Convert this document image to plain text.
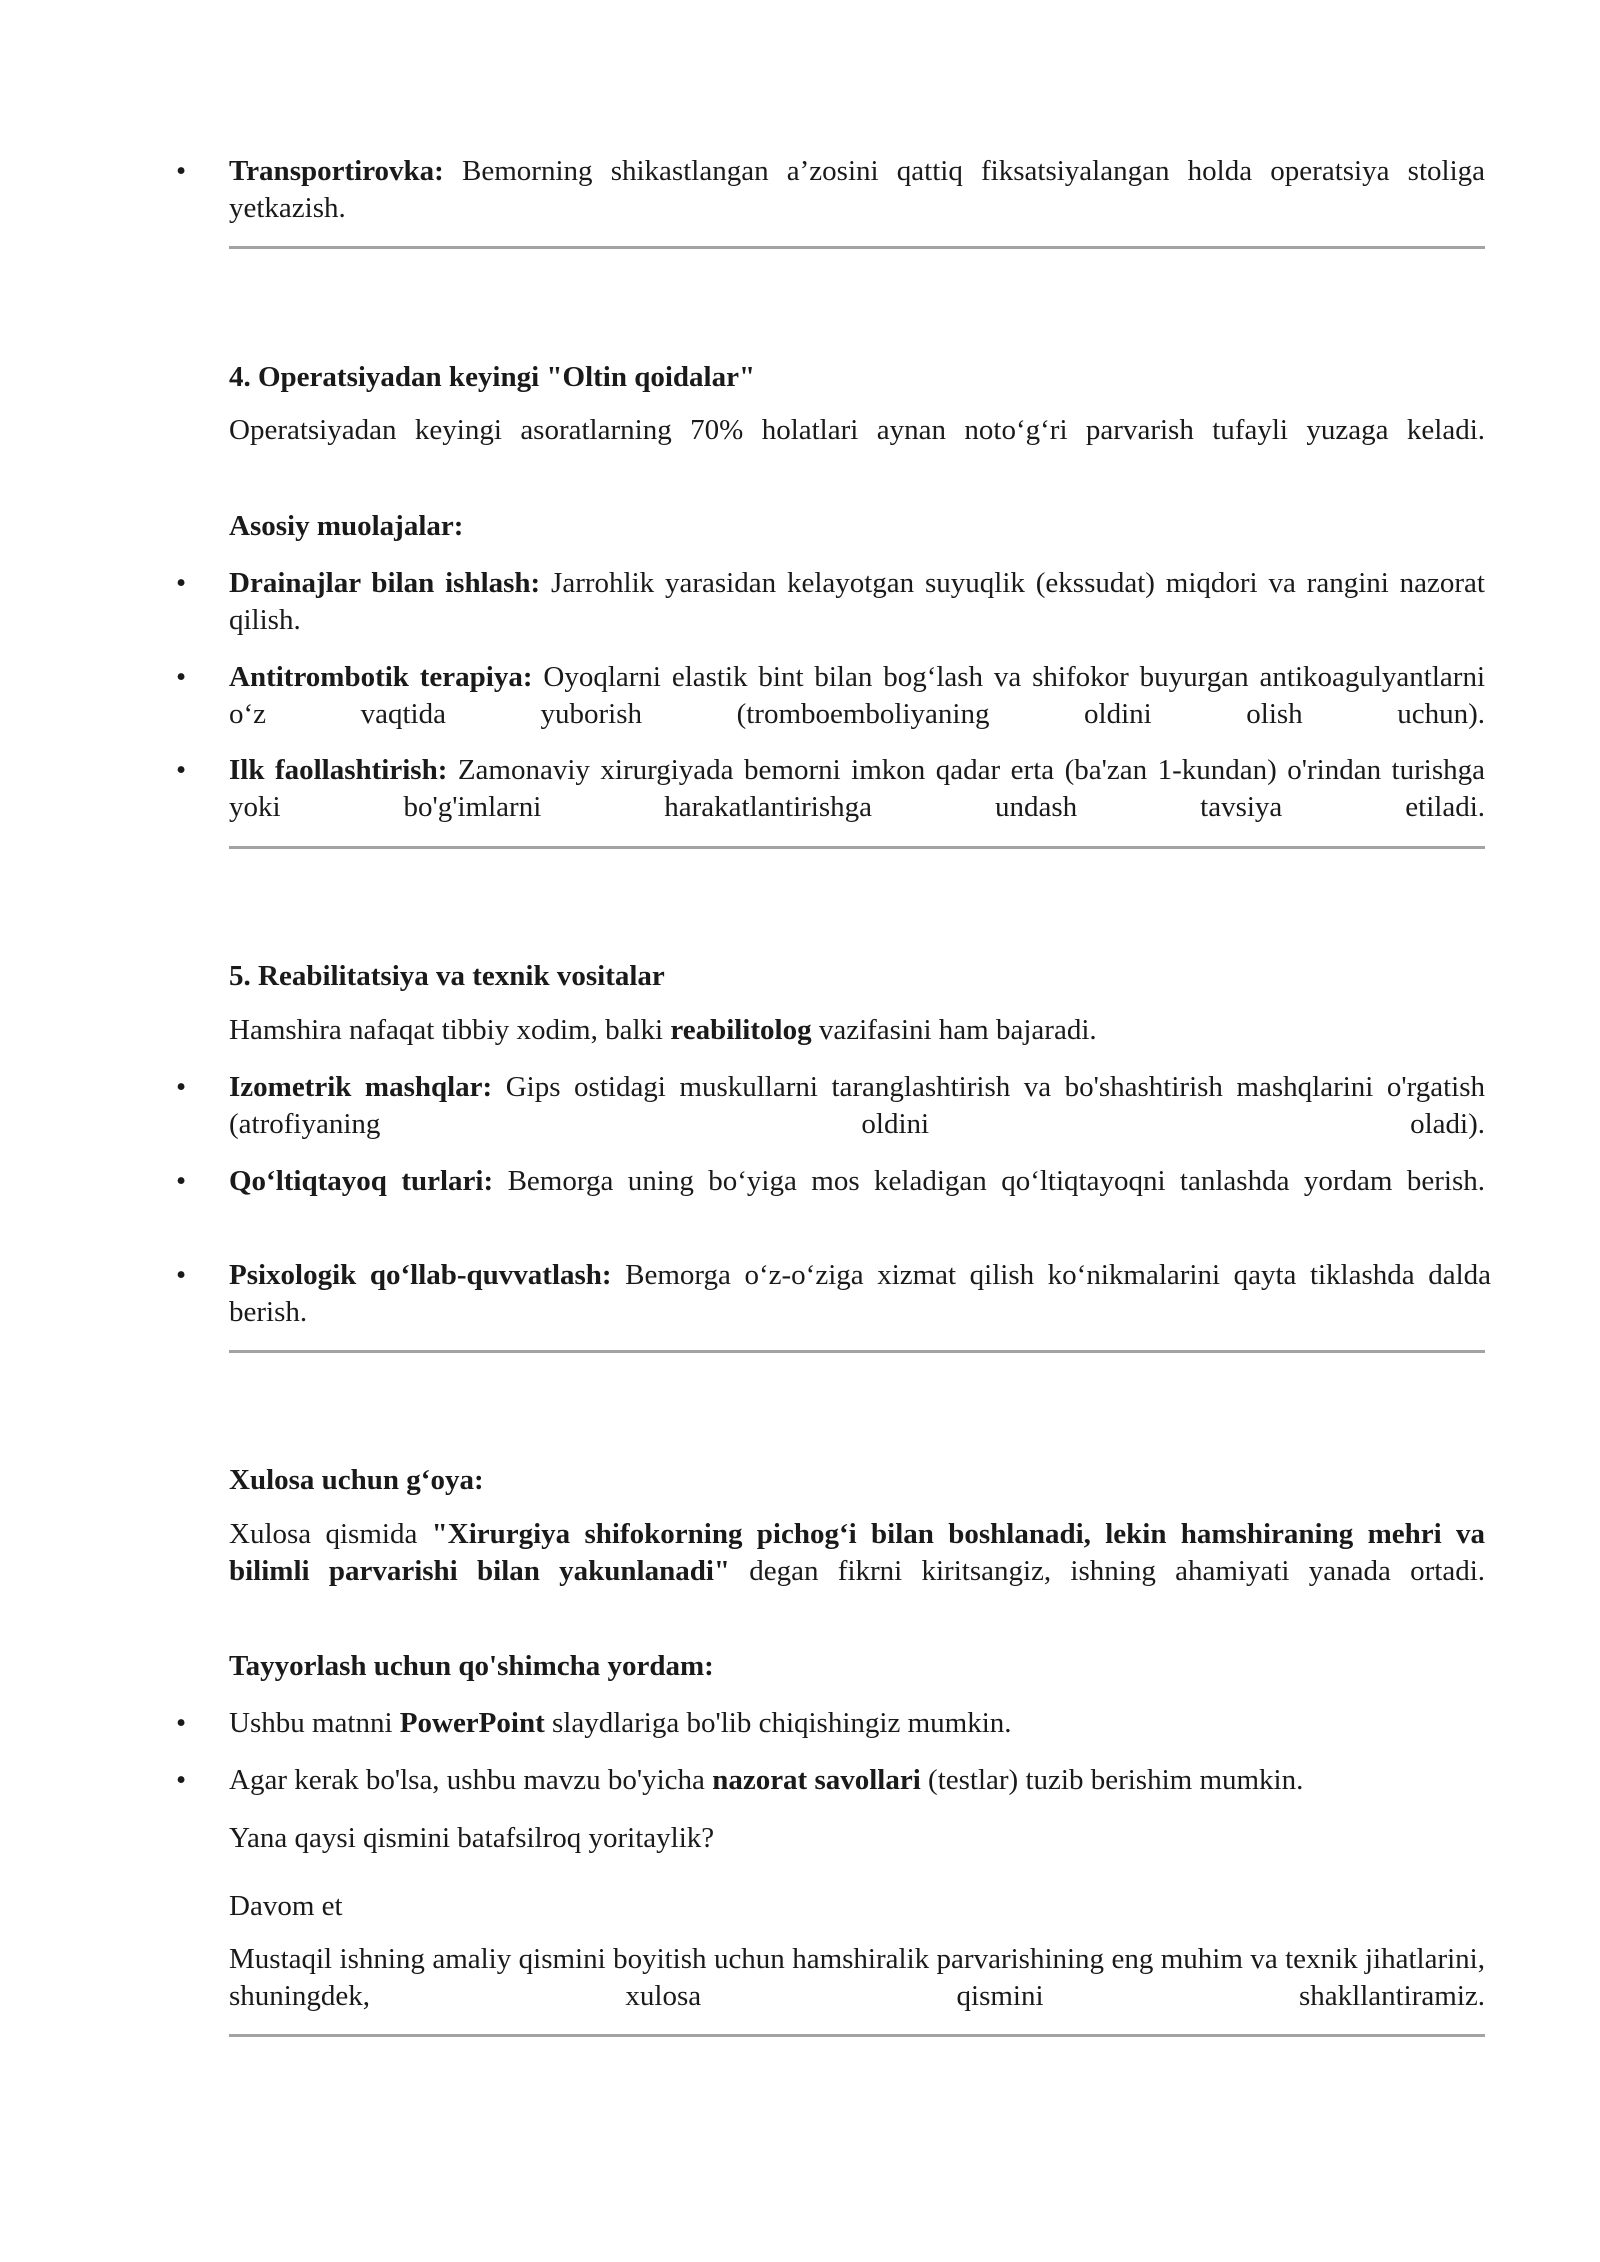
•	Transportirovka: Bemorning shikastlangan a’zosini qattiq fiksatsiyalangan holda operatsiya stoliga yetkazish.

4. Operatsiyadan keyingi "Oltin qoidalar"

Operatsiyadan keyingi asoratlarning 70% holatlari aynan noto‘g‘ri parvarish tufayli yuzaga keladi.

Asosiy muolajalar:

•	Drainajlar bilan ishlash: Jarrohlik yarasidan kelayotgan suyuqlik (ekssudat) miqdori va rangini nazorat qilish.

•	Antitrombotik terapiya: Oyoqlarni elastik bint bilan bog‘lash va shifokor buyurgan antikoagulyantlarni o‘z vaqtida yuborish (tromboemboliyaning oldini olish uchun).

•	Ilk faollashtirish: Zamonaviy xirurgiyada bemorni imkon qadar erta (ba'zan 1-kundan) o'rindan turishga yoki bo'g'imlarni harakatlantirishga undash tavsiya etiladi.

5. Reabilitatsiya va texnik vositalar

Hamshira nafaqat tibbiy xodim, balki reabilitolog vazifasini ham bajaradi.

•	Izometrik mashqlar: Gips ostidagi muskullarni taranglashtirish va bo'shashtirish mashqlarini o'rgatish (atrofiyaning oldini oladi).

•	Qo‘ltiqtayoq turlari: Bemorga uning bo‘yiga mos keladigan qo‘ltiqtayoqni tanlashda yordam berish.

•	Psixologik qo‘llab-quvvatlash: Bemorga o‘z-o‘ziga xizmat qilish ko‘nikmalarini qayta tiklashda dalda berish.

Xulosa uchun g‘oya:

Xulosa qismida "Xirurgiya shifokorning pichog‘i bilan boshlanadi, lekin hamshiraning mehri va bilimli parvarishi bilan yakunlanadi" degan fikrni kiritsangiz, ishning ahamiyati yanada ortadi.

Tayyorlash uchun qo'shimcha yordam:

•	Ushbu matnni PowerPoint slaydlariga bo'lib chiqishingiz mumkin.

•	Agar kerak bo'lsa, ushbu mavzu bo'yicha nazorat savollari (testlar) tuzib berishim mumkin.

Yana qaysi qismini batafsilroq yoritaylik?

Davom et

Mustaqil ishning amaliy qismini boyitish uchun hamshiralik parvarishining eng muhim va texnik jihatlarini, shuningdek, xulosa qismini shakllantiramiz.
